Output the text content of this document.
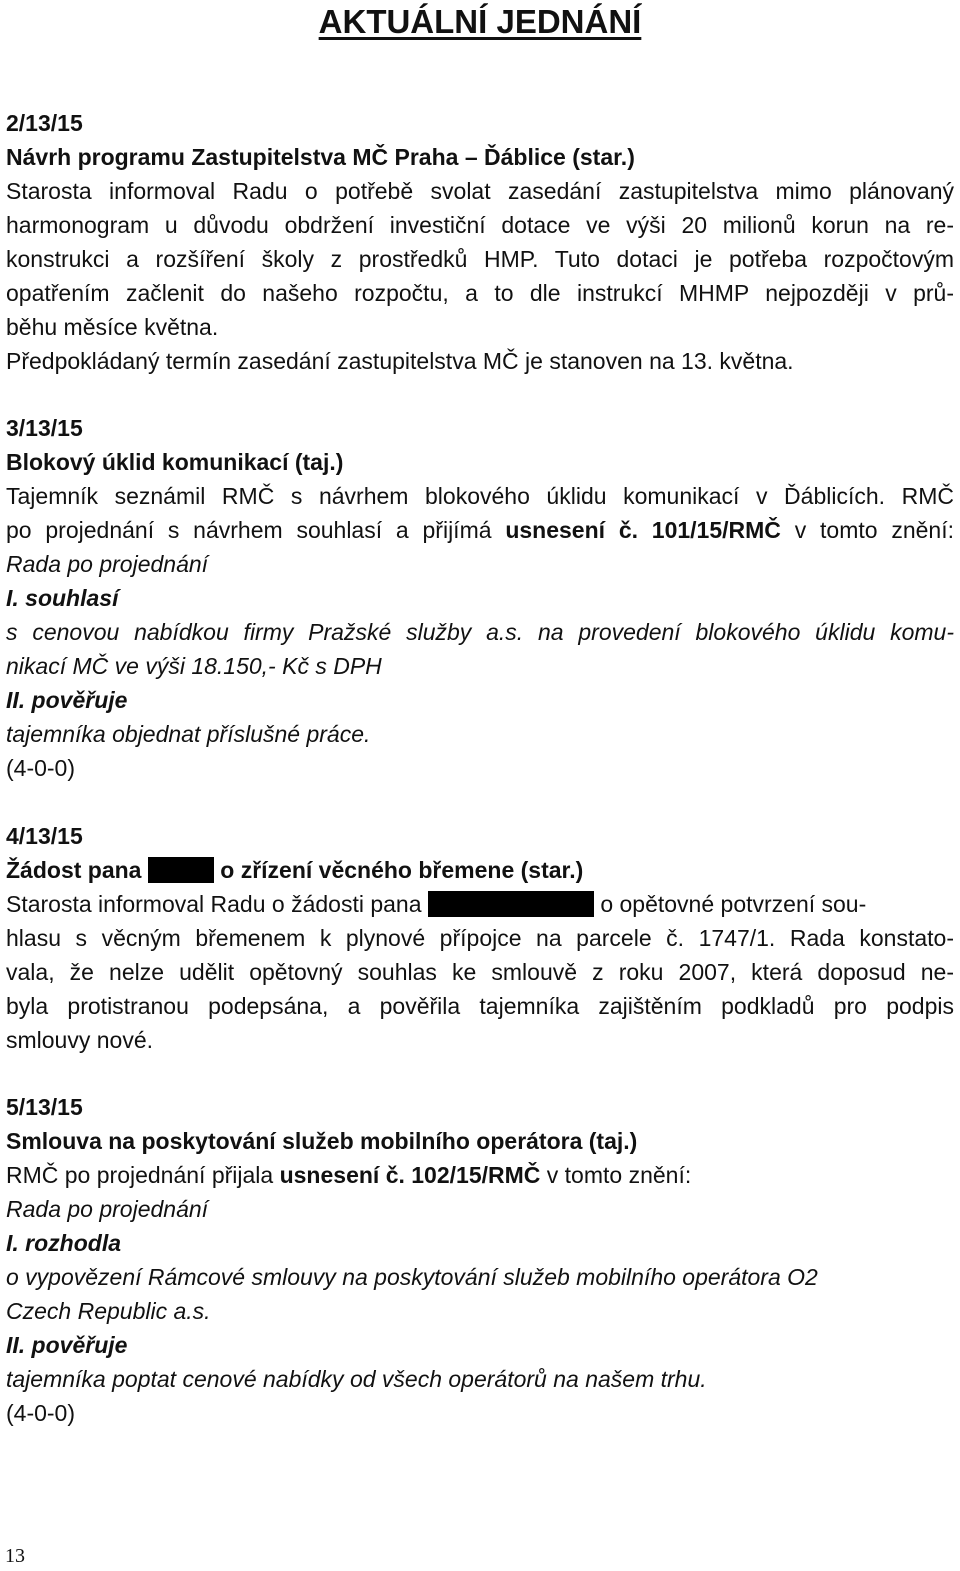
AKTUÁLNÍ JEDNÁNÍ
2/13/15
Návrh programu Zastupitelstva MČ Praha – Ďáblice (star.)
Starosta informoval Radu o potřebě svolat zasedání zastupitelstva mimo plánovaný
harmonogram u důvodu obdržení investiční dotace ve výši 20 milionů korun na re-
konstrukci a rozšíření školy z prostředků HMP. Tuto dotaci je potřeba rozpočtovým
opatřením začlenit do našeho rozpočtu, a to dle instrukcí MHMP nejpozději v prů-
běhu měsíce května.
Předpokládaný termín zasedání zastupitelstva MČ je stanoven na 13. května.
3/13/15
Blokový úklid komunikací (taj.)
Tajemník seznámil RMČ s návrhem blokového úklidu komunikací v Ďáblicích. RMČ
po projednání s návrhem souhlasí a přijímá usnesení č. 101/15/RMČ v tomto znění:
Rada po projednání
I. souhlasí
s cenovou nabídkou firmy Pražské služby a.s. na provedení blokového úklidu komu-
nikací MČ ve výši 18.150,- Kč s DPH
II. pověřuje
tajemníka objednat příslušné práce.
(4-0-0)
4/13/15
Žádost pana	o zřízení věcného břemene (star.)
Starosta informoval Radu o žádosti pana	o opětovné potvrzení sou-
hlasu s věcným břemenem k plynové přípojce na parcele č. 1747/1. Rada konstato-
vala, že nelze udělit opětovný souhlas ke smlouvě z roku 2007, která doposud ne-
byla protistranou podepsána, a pověřila tajemníka zajištěním podkladů pro podpis
smlouvy nové.
5/13/15
Smlouva na poskytování služeb mobilního operátora (taj.)
RMČ po projednání přijala usnesení č. 102/15/RMČ v tomto znění:
Rada po projednání
I. rozhodla
o vypovězení Rámcové smlouvy na poskytování služeb mobilního operátora O2
Czech Republic a.s.
II. pověřuje
tajemníka poptat cenové nabídky od všech operátorů na našem trhu.
(4-0-0)
13
